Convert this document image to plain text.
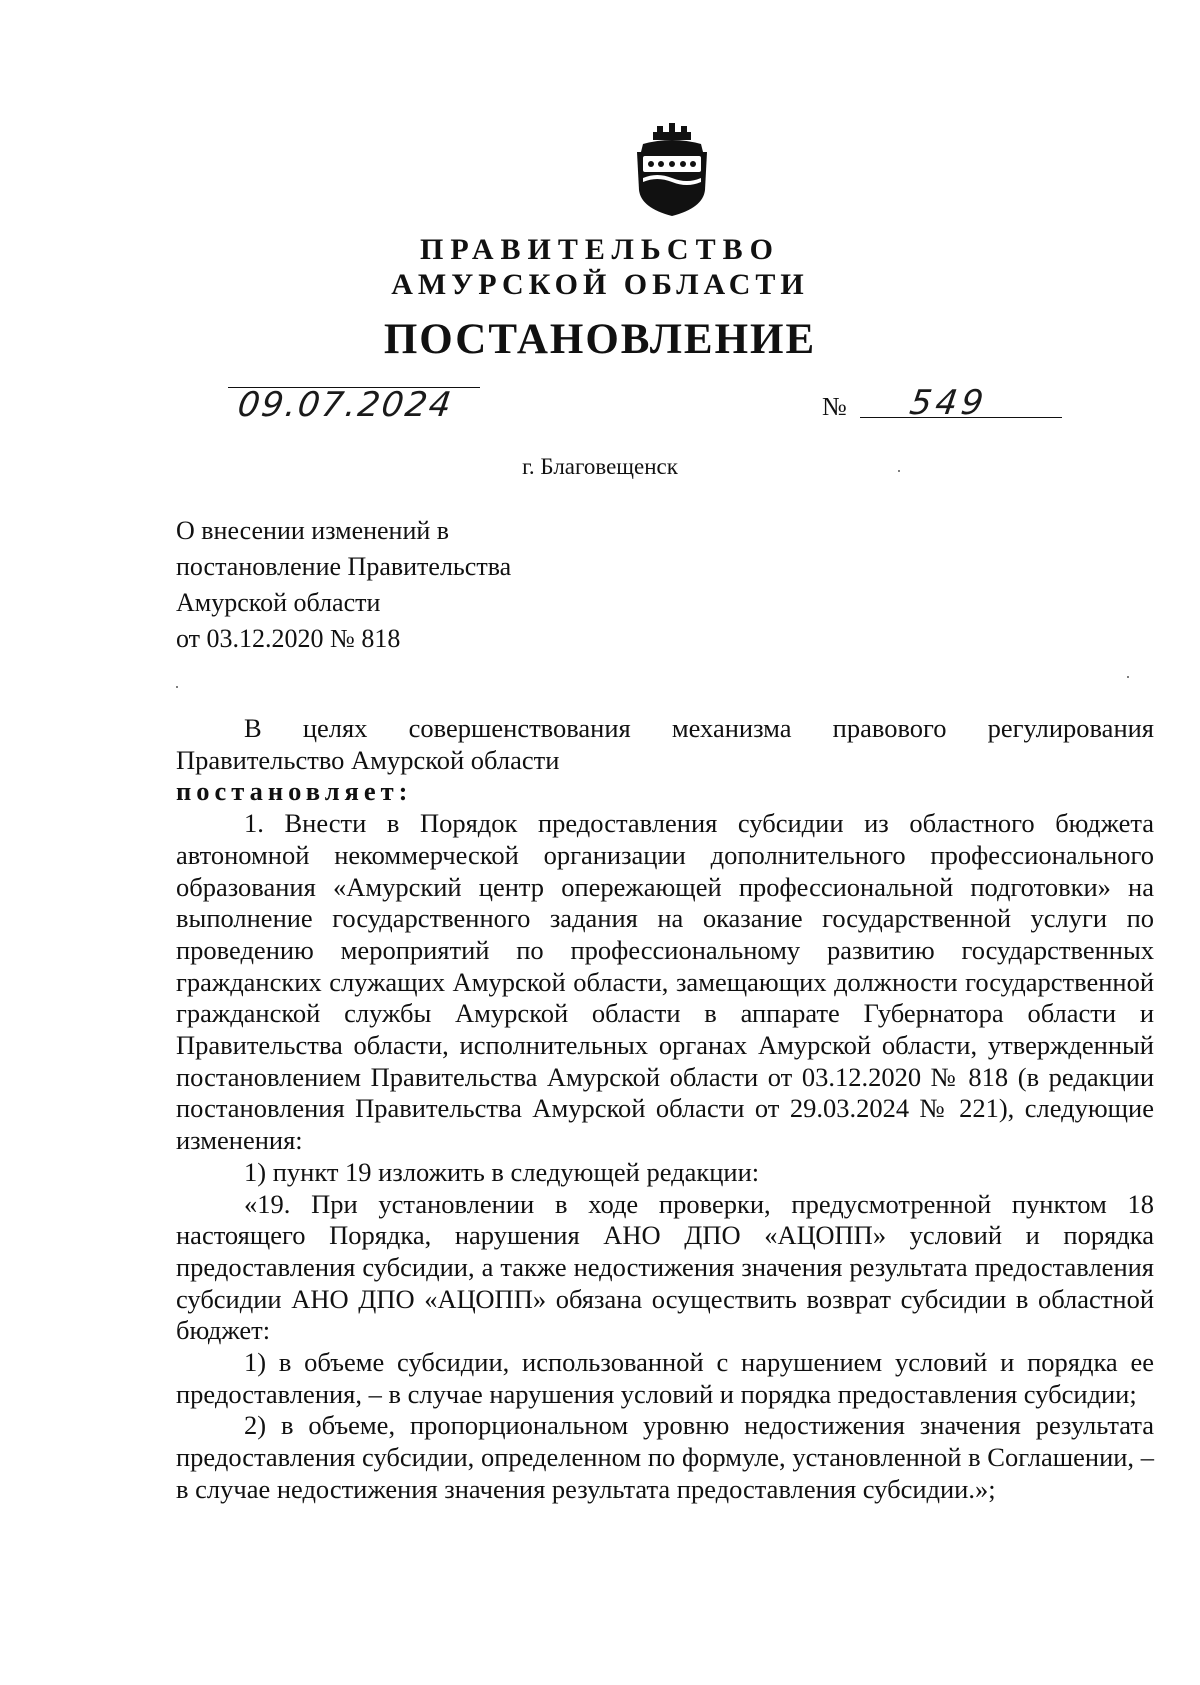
ПРАВИТЕЛЬСТВО
АМУРСКОЙ ОБЛАСТИ
ПОСТАНОВЛЕНИЕ
09.07.2024	№ 549
г. Благовещенск
О внесении изменений в
постановление Правительства
Амурской области
от 03.12.2020 № 818
В целях совершенствования механизма правового регулирования Правительство Амурской области
постановляет:
1. Внести в Порядок предоставления субсидии из областного бюджета автономной некоммерческой организации дополнительного профессионального образования «Амурский центр опережающей профессиональной подготовки» на выполнение государственного задания на оказание государственной услуги по проведению мероприятий по профессиональному развитию государственных гражданских служащих Амурской области, замещающих должности государственной гражданской службы Амурской области в аппарате Губернатора области и Правительства области, исполнительных органах Амурской области, утвержденный постановлением Правительства Амурской области от 03.12.2020 № 818 (в редакции постановления Правительства Амурской области от 29.03.2024 № 221), следующие изменения:
1) пункт 19 изложить в следующей редакции:
«19. При установлении в ходе проверки, предусмотренной пунктом 18 настоящего Порядка, нарушения АНО ДПО «АЦОПП» условий и порядка предоставления субсидии, а также недостижения значения результата предоставления субсидии АНО ДПО «АЦОПП» обязана осуществить возврат субсидии в областной бюджет:
1) в объеме субсидии, использованной с нарушением условий и порядка ее предоставления, – в случае нарушения условий и порядка предоставления субсидии;
2) в объеме, пропорциональном уровню недостижения значения результата предоставления субсидии, определенном по формуле, установленной в Соглашении, – в случае недостижения значения результата предоставления субсидии.»;
